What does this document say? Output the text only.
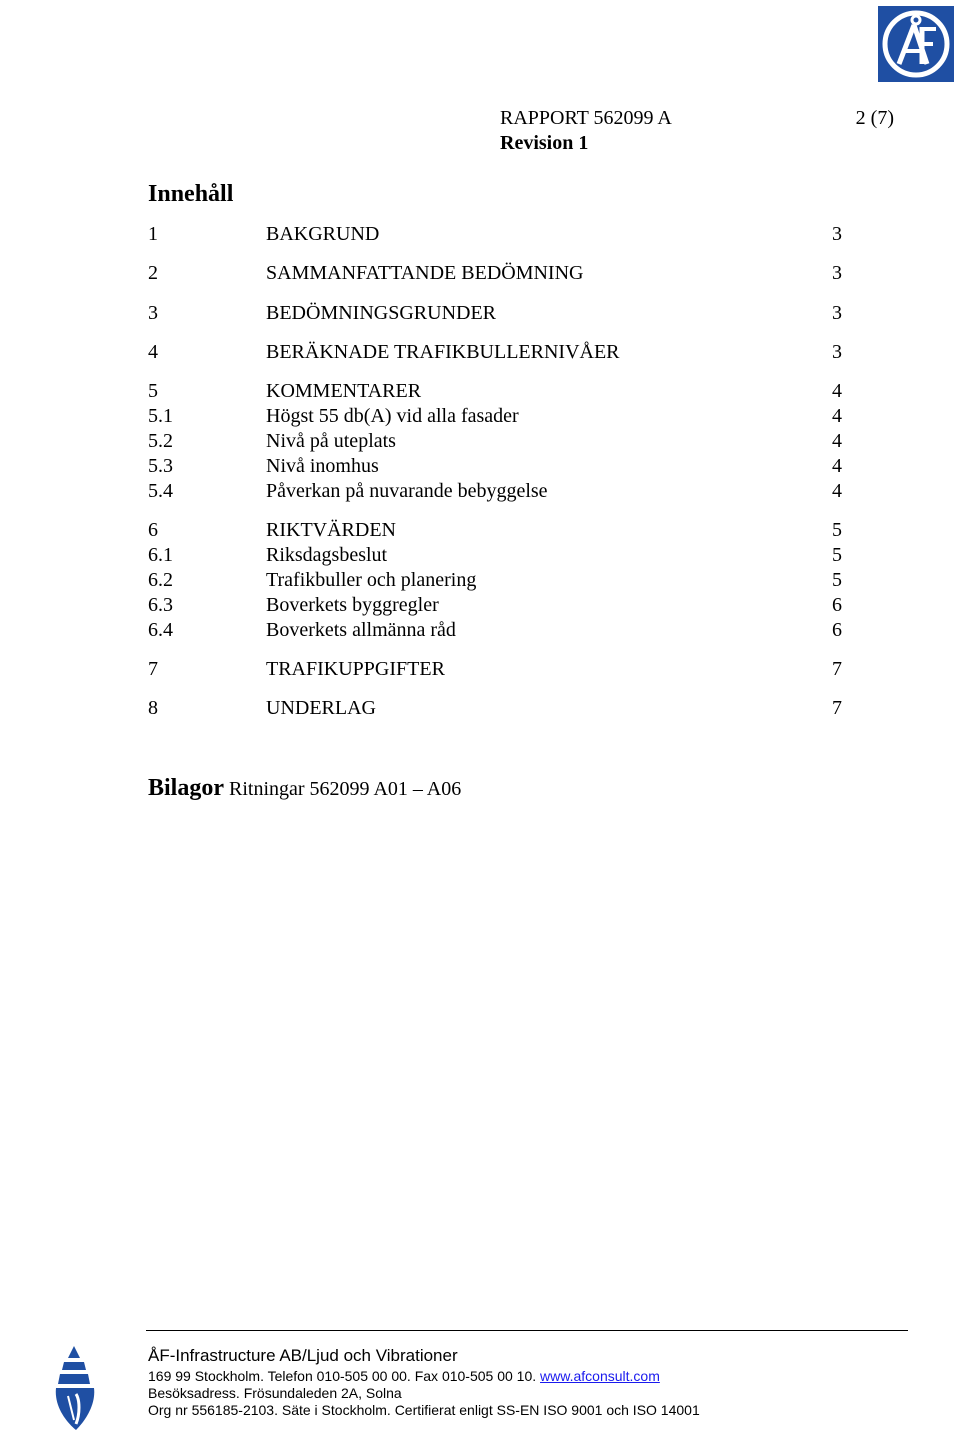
RAPPORT 562099 A	2 (7)
Revision 1
Innehåll
1	BAKGRUND	3
2	SAMMANFATTANDE BEDÖMNING	3
3	BEDÖMNINGSGRUNDER	3
4	BERÄKNADE TRAFIKBULLERNIVÅER	3
5	KOMMENTARER	4
5.1	Högst 55 db(A) vid alla fasader	4
5.2	Nivå på uteplats	4
5.3	Nivå inomhus	4
5.4	Påverkan på nuvarande bebyggelse	4
6	RIKTVÄRDEN	5
6.1	Riksdagsbeslut	5
6.2	Trafikbuller och planering	5
6.3	Boverkets byggregler	6
6.4	Boverkets allmänna råd	6
7	TRAFIKUPPGIFTER	7
8	UNDERLAG	7
Bilagor Ritningar 562099 A01 – A06
ÅF-Infrastructure AB/Ljud och Vibrationer
169 99 Stockholm. Telefon 010-505 00 00. Fax 010-505 00 10. www.afconsult.com
Besöksadress. Frösundaleden 2A, Solna
Org nr 556185-2103. Säte i Stockholm. Certifierat enligt SS-EN ISO 9001 och ISO 14001
